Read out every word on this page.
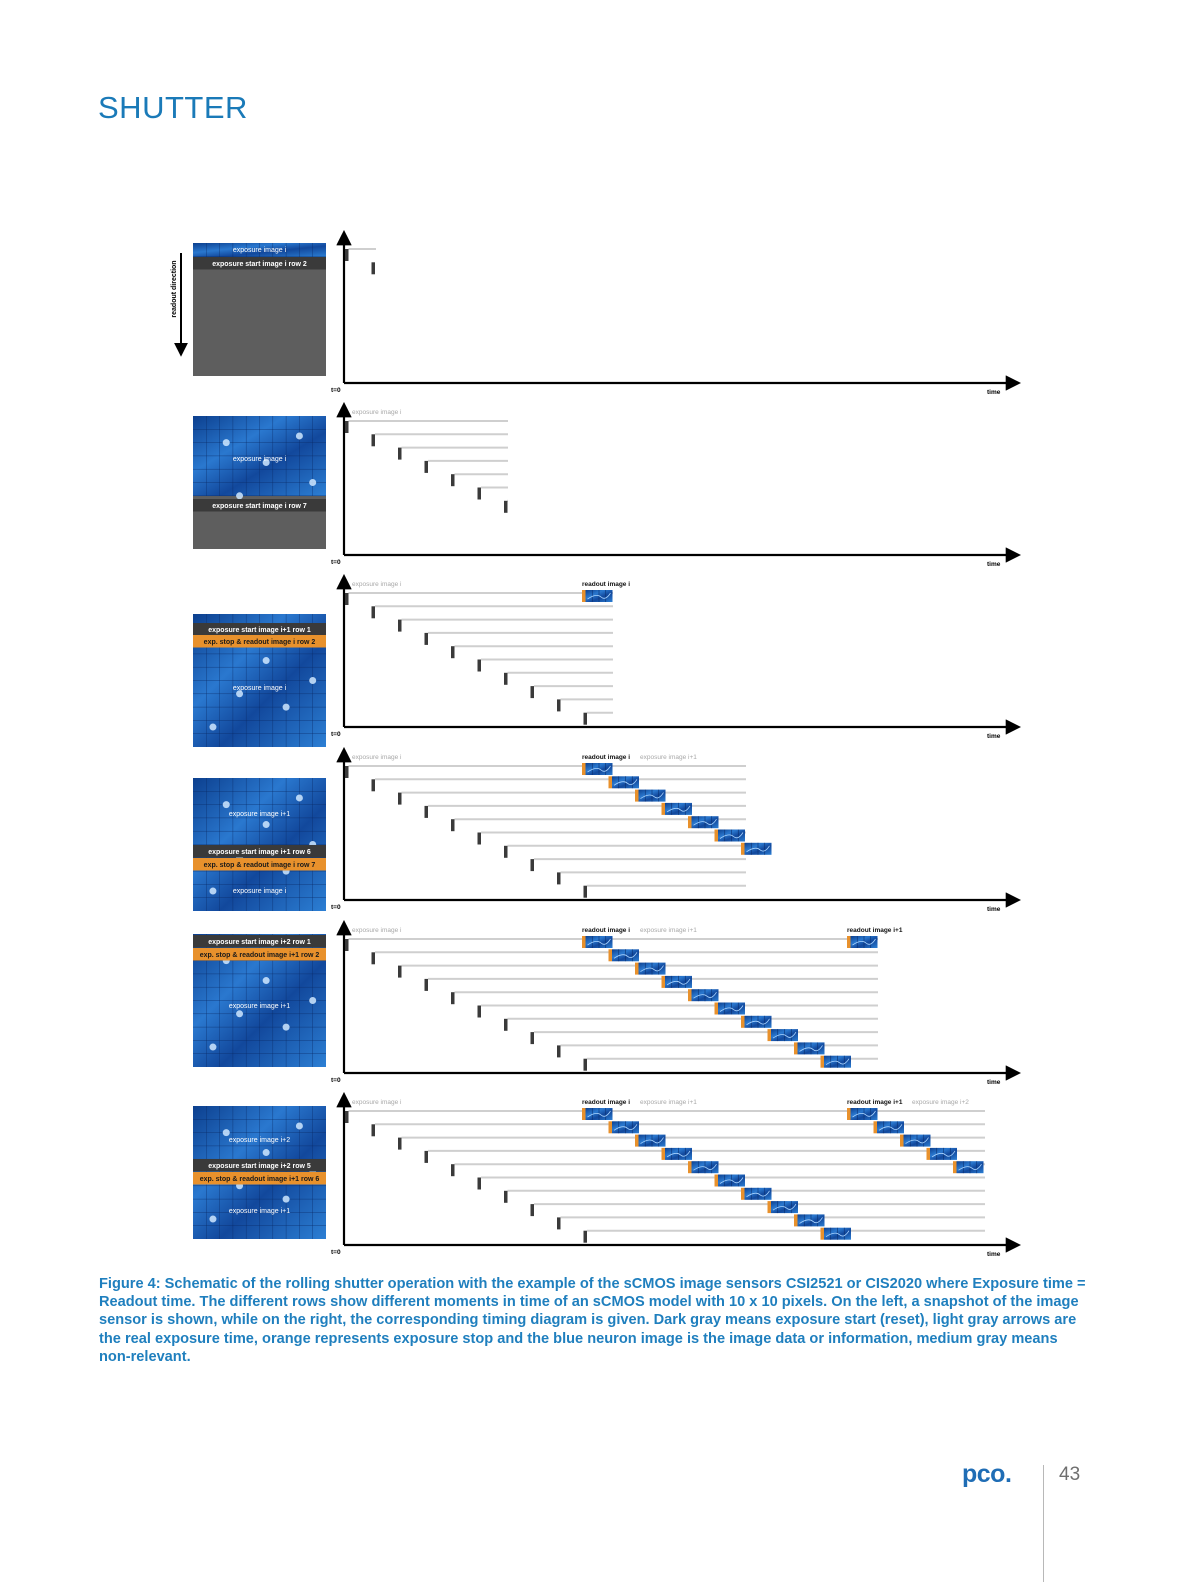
SHUTTER
readout direction
exposure image i
exposure start image i row 2
t=0	time
exposure image i
exposure start image i row 7
t=0	time
exposure image i
exposure start image i+1 row 1
exp. stop & readout image i row 2
exposure image i
t=0	time
exposure image i	readout image i
exposure image i+1
exposure start image i+1 row 6
exp. stop & readout image i row 7
exposure image i
t=0	time
exposure image i	readout image i exposure image i+1
exposure start image i+2 row 1
exp. stop & readout image i+1 row 2
exposure image i+1
t=0	time
exposure image i	readout image i exposure image i+1	readout image i+1
exposure image i+2
exposure start image i+2 row 5
exp. stop & readout image i+1 row 6
exposure image i+1
t=0	time
exposure image i	readout image i exposure image i+1	readout image i+1 exposure image i+2
Figure 4: Schematic of the rolling shutter operation with the example of the sCMOS image sensors CSI2521 or CIS2020 where Exposure time = Readout time. The different rows show different moments in time of an sCMOS model with 10 x 10 pixels. On the left, a snapshot of the image sensor is shown, while on the right, the corresponding timing diagram is given. Dark gray means exposure start (reset), light gray arrows are the real exposure time, orange represents exposure stop and the blue neuron image is the image data or information, medium gray means non-relevant.
pco.	43
